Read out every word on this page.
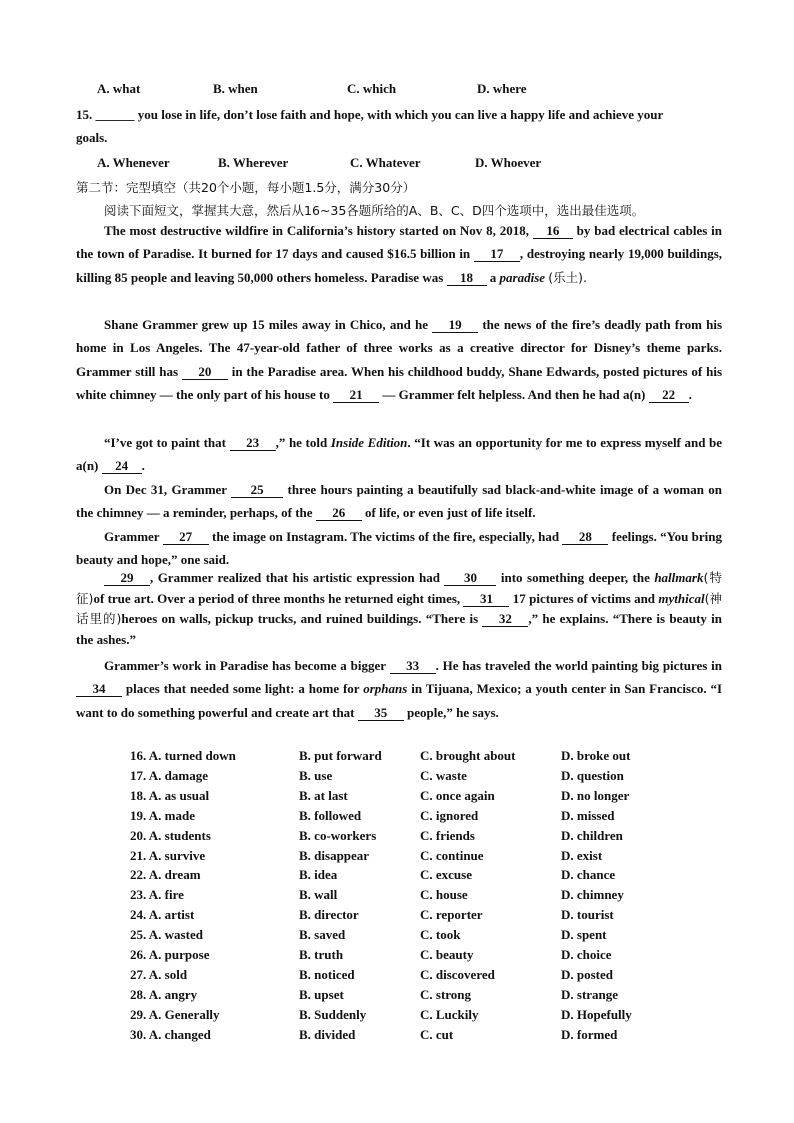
A. what	B. when	C. which	D. where
15. ______ you lose in life, don’t lose faith and hope, with which you can live a happy life and achieve your
goals.
A. Whenever	B. Wherever	C. Whatever	D. Whoever
第二节：完型填空（共20个小题，每小题1.5分，满分30分）
阅读下面短文，掌握其大意，然后从16~35各题所给的A、B、C、D四个选项中，选出最佳选项。
The most destructive wildfire in California’s history started on Nov 8, 2018, 16 by bad electrical cables in the town of Paradise. It burned for 17 days and caused $16.5 billion in 17 , destroying nearly 19,000 buildings, killing 85 people and leaving 50,000 others homeless. Paradise was 18 a paradise (乐土).
Shane Grammer grew up 15 miles away in Chico, and he 19 the news of the fire’s deadly path from his home in Los Angeles. The 47-year-old father of three works as a creative director for Disney’s theme parks. Grammer still has 20 in the Paradise area. When his childhood buddy, Shane Edwards, posted pictures of his white chimney — the only part of his house to 21 — Grammer felt helpless. And then he had a(n) 22 .
“I’ve got to paint that 23 ,” he told Inside Edition. “It was an opportunity for me to express myself and be a(n) 24 .
On Dec 31, Grammer 25 three hours painting a beautifully sad black-and-white image of a woman on the chimney — a reminder, perhaps, of the 26 of life, or even just of life itself.
Grammer 27 the image on Instagram. The victims of the fire, especially, had 28 feelings. “You bring beauty and hope,” one said.
29 , Grammer realized that his artistic expression had 30 into something deeper, the hallmark(特征)of true art. Over a period of three months he returned eight times, 31 17 pictures of victims and mythical(神话里的)heroes on walls, pickup trucks, and ruined buildings. “There is 32 ,” he explains. “There is beauty in the ashes.”
Grammer’s work in Paradise has become a bigger 33 . He has traveled the world painting big pictures in 34 places that needed some light: a home for orphans in Tijuana, Mexico; a youth center in San Francisco. “I want to do something powerful and create art that 35 people,” he says.
16. A. turned down	B. put forward	C. brought about	D. broke out
17. A. damage	B. use	C. waste	D. question
18. A. as usual	B. at last	C. once again	D. no longer
19. A. made	B. followed	C. ignored	D. missed
20. A. students	B. co-workers	C. friends	D. children
21. A. survive	B. disappear	C. continue	D. exist
22. A. dream	B. idea	C. excuse	D. chance
23. A. fire	B. wall	C. house	D. chimney
24. A. artist	B. director	C. reporter	D. tourist
25. A. wasted	B. saved	C. took	D. spent
26. A. purpose	B. truth	C. beauty	D. choice
27. A. sold	B. noticed	C. discovered	D. posted
28. A. angry	B. upset	C. strong	D. strange
29. A. Generally	B. Suddenly	C. Luckily	D. Hopefully
30. A. changed	B. divided	C. cut	D. formed
